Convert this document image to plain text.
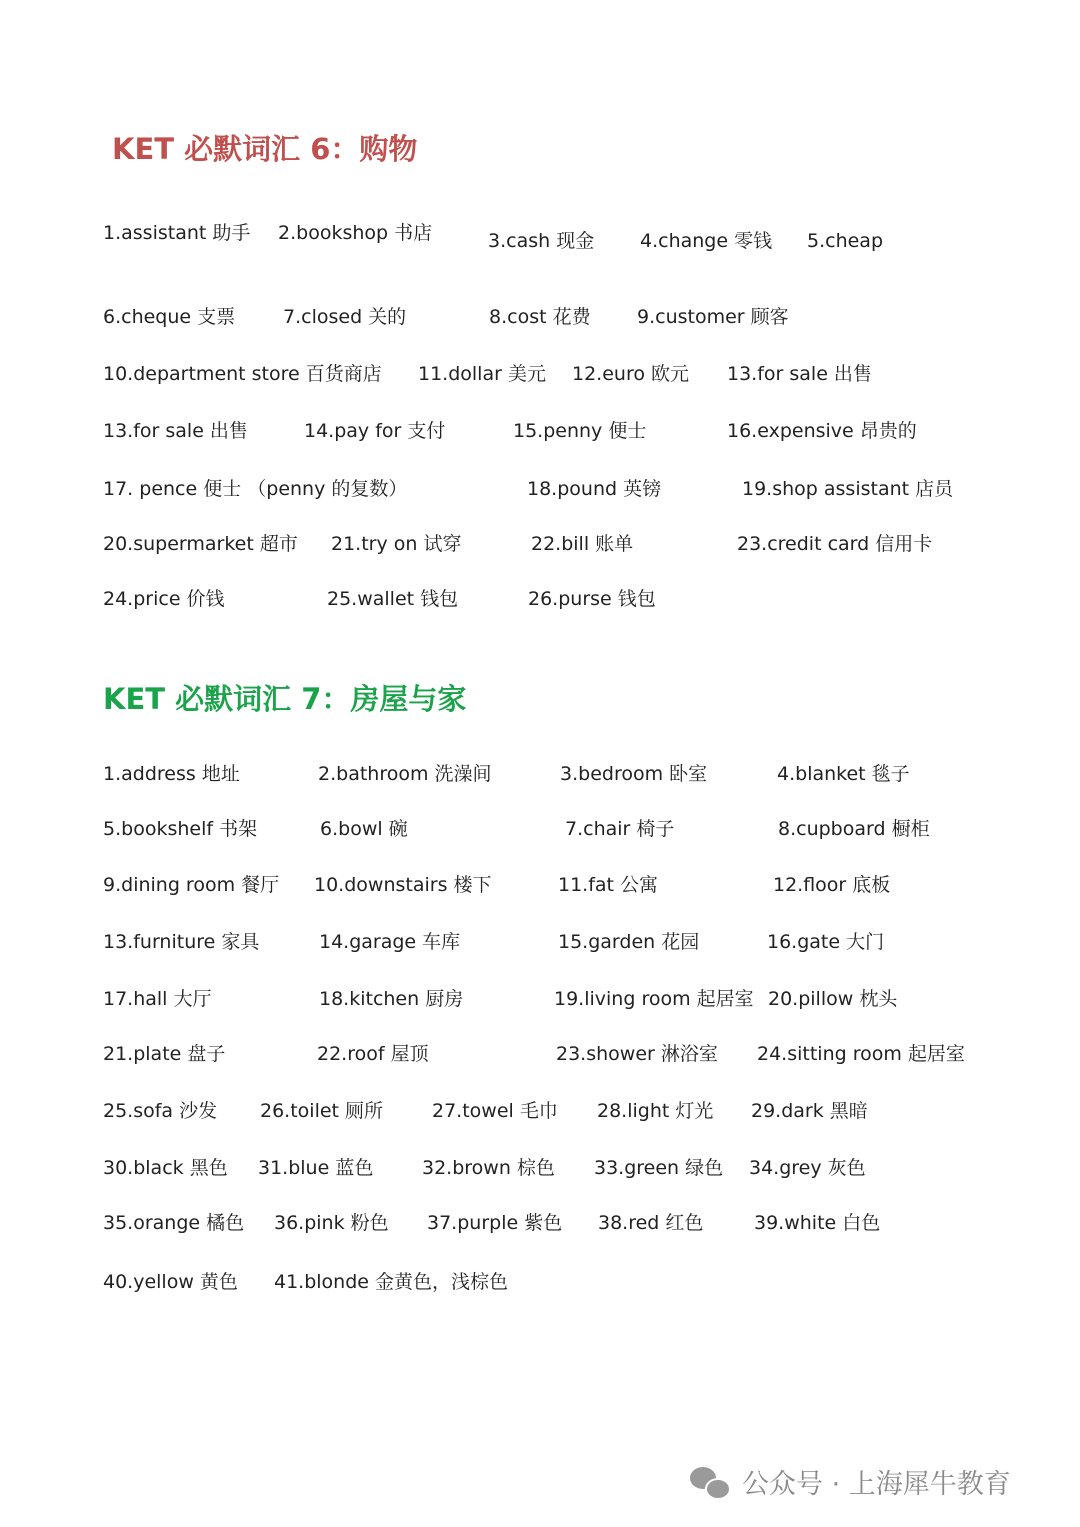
KET 必默词汇 6：购物
1.assistant 助手 2.bookshop 书店	3.cash 现金 4.change 零钱 5.cheap
6.cheque 支票	7.closed 关的	8.cost 花费 9.customer 顾客
10.department store 百货商店 11.dollar 美元 12.euro 欧元 13.for sale 出售
13.for sale 出售	14.pay for 支付	15.penny 便士	16.expensive 昂贵的
17. pence 便士 （penny 的复数）	18.pound 英镑	19.shop assistant 店员
20.supermarket 超市 21.try on 试穿	22.bill 账单	23.credit card 信用卡
24.price 价钱	25.wallet 钱包	26.purse 钱包
KET 必默词汇 7：房屋与家
1.address 地址	2.bathroom 洗澡间	3.bedroom 卧室	4.blanket 毯子
5.bookshelf 书架	6.bowl 碗	7.chair 椅子	8.cupboard 橱柜
9.dining room 餐厅 10.downstairs 楼下	11.fat 公寓	12.floor 底板
13.furniture 家具	14.garage 车库	15.garden 花园	16.gate 大门
17.hall 大厅	18.kitchen 厨房	19.living room 起居室 20.pillow 枕头
21.plate 盘子	22.roof 屋顶	23.shower 淋浴室 24.sitting room 起居室
25.sofa 沙发 26.toilet 厕所	27.towel 毛巾 28.light 灯光 29.dark 黑暗
30.black 黑色 31.blue 蓝色	32.brown 棕色 33.green 绿色 34.grey 灰色
35.orange 橘色 36.pink 粉色 37.purple 紫色 38.red 红色	39.white 白色
40.yellow 黄色 41.blonde 金黄色，浅棕色
公众号 · 上海犀牛教育
